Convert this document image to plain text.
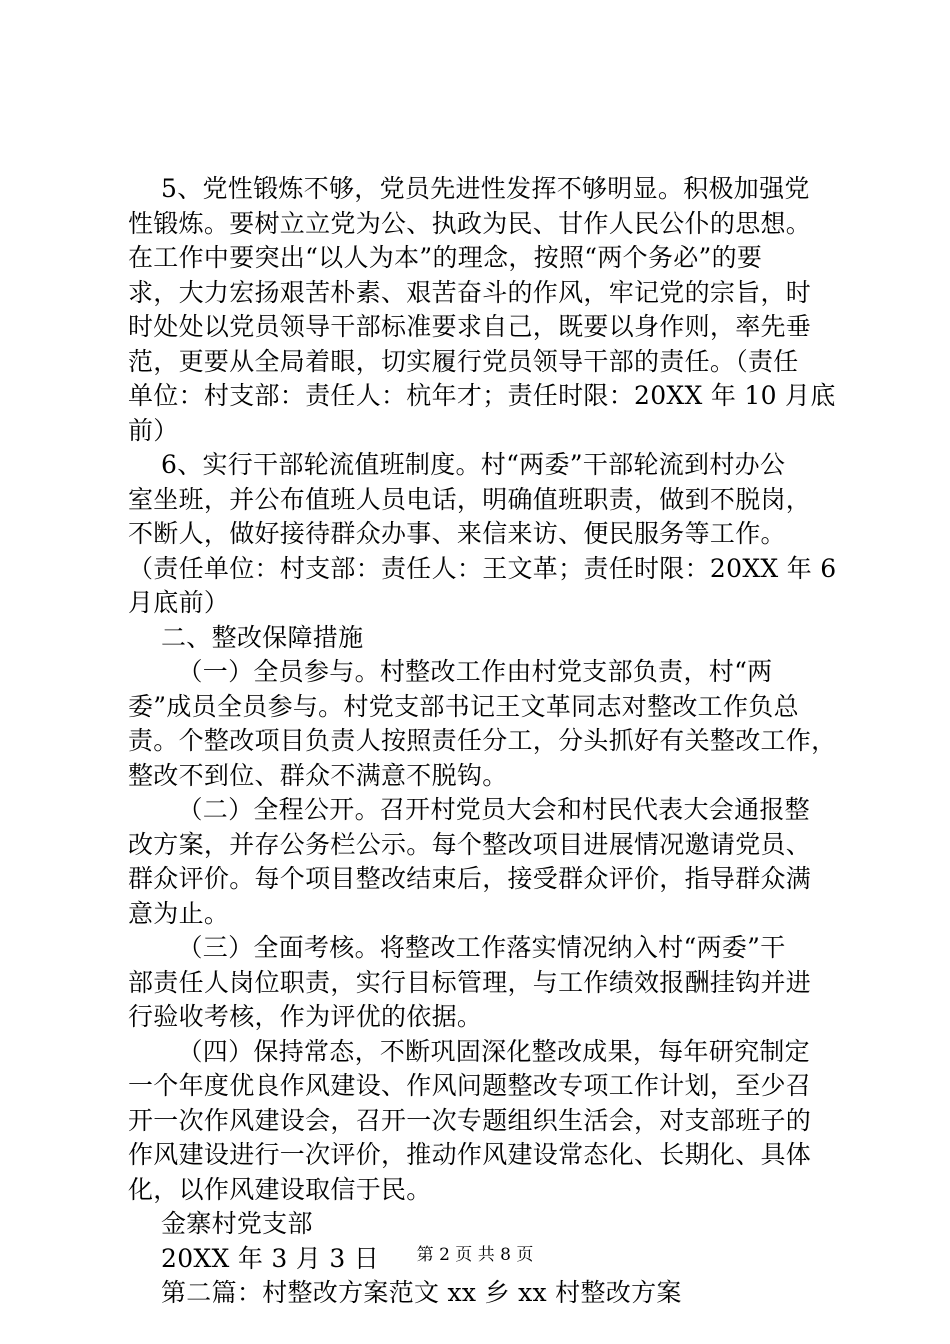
5、党性锻炼不够，党员先进性发挥不够明显。积极加强党
性锻炼。要树立立党为公、执政为民、甘作人民公仆的思想。
在工作中要突出“以人为本”的理念，按照“两个务必”的要
求，大力宏扬艰苦朴素、艰苦奋斗的作风，牢记党的宗旨，时
时处处以党员领导干部标准要求自己，既要以身作则，率先垂
范，更要从全局着眼，切实履行党员领导干部的责任。（责任
单位：村支部：责任人：杭年才；责任时限：20XX 年 10 月底
前）
6、实行干部轮流值班制度。村“两委”干部轮流到村办公
室坐班，并公布值班人员电话，明确值班职责，做到不脱岗，
不断人，做好接待群众办事、来信来访、便民服务等工作。
（责任单位：村支部：责任人：王文革；责任时限：20XX 年 6
月底前）
二、整改保障措施
（一）全员参与。村整改工作由村党支部负责，村“两
委”成员全员参与。村党支部书记王文革同志对整改工作负总
责。个整改项目负责人按照责任分工，分头抓好有关整改工作，
整改不到位、群众不满意不脱钩。
（二）全程公开。召开村党员大会和村民代表大会通报整
改方案，并存公务栏公示。每个整改项目进展情况邀请党员、
群众评价。每个项目整改结束后，接受群众评价，指导群众满
意为止。
（三）全面考核。将整改工作落实情况纳入村“两委”干
部责任人岗位职责，实行目标管理，与工作绩效报酬挂钩并进
行验收考核，作为评优的依据。
（四）保持常态，不断巩固深化整改成果，每年研究制定
一个年度优良作风建设、作风问题整改专项工作计划，至少召
开一次作风建设会，召开一次专题组织生活会，对支部班子的
作风建设进行一次评价，推动作风建设常态化、长期化、具体
化，以作风建设取信于民。
金寨村党支部
20XX 年 3 月 3 日
第二篇：村整改方案范文 xx 乡 xx 村整改方案
第 2 页 共 8 页
